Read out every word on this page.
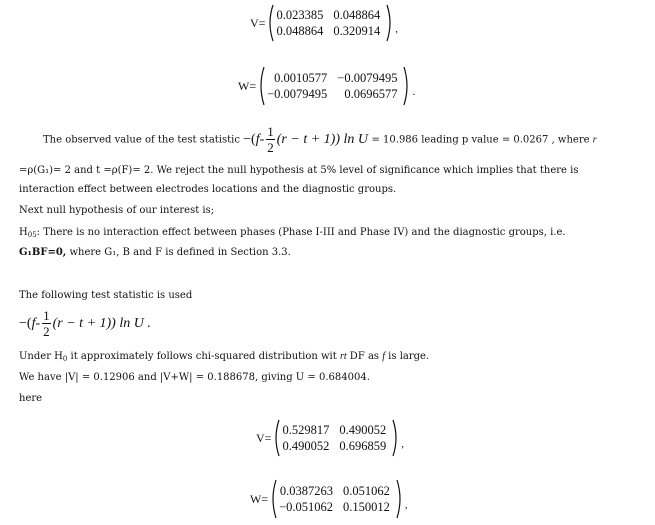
V=
0.023385	0.048864
0.048864	0.320914 ,
W=
0.0010577	−0.0079495
−0.0079495	0.0696577 .
The observed value of the test statistic $-(f- \frac{1}{2} (r - t + 1))$ ln U = 10.986 leading p value = 0.0267 , where r
=ρ(G₁)= 2 and t =ρ(F)= 2. We reject the null hypothesis at 5% level of significance which implies that there is
interaction effect between electrodes locations and the diagnostic groups.
Next null hypothesis of our interest is;
$H_{05}$: There is no interaction effect between phases (Phase I-III and Phase IV) and the diagnostic groups, i.e.
G₁BF=0, where G₁, B and F is defined in Section 3.3.
The following test statistic is used
$-(f- \frac{1}{2} (r - t + 1))$ ln U .
Under $H_0$ it approximately follows chi-squared distribution wit rt DF as f is large.
We have |V| = 0.12906 and |V+W| = 0.188678, giving U = 0.684004.
here
V=
0.529817	0.490052
0.490052	0.696859 ,
W=
0.0387263	0.051062
−0.051062	0.150012 ,
